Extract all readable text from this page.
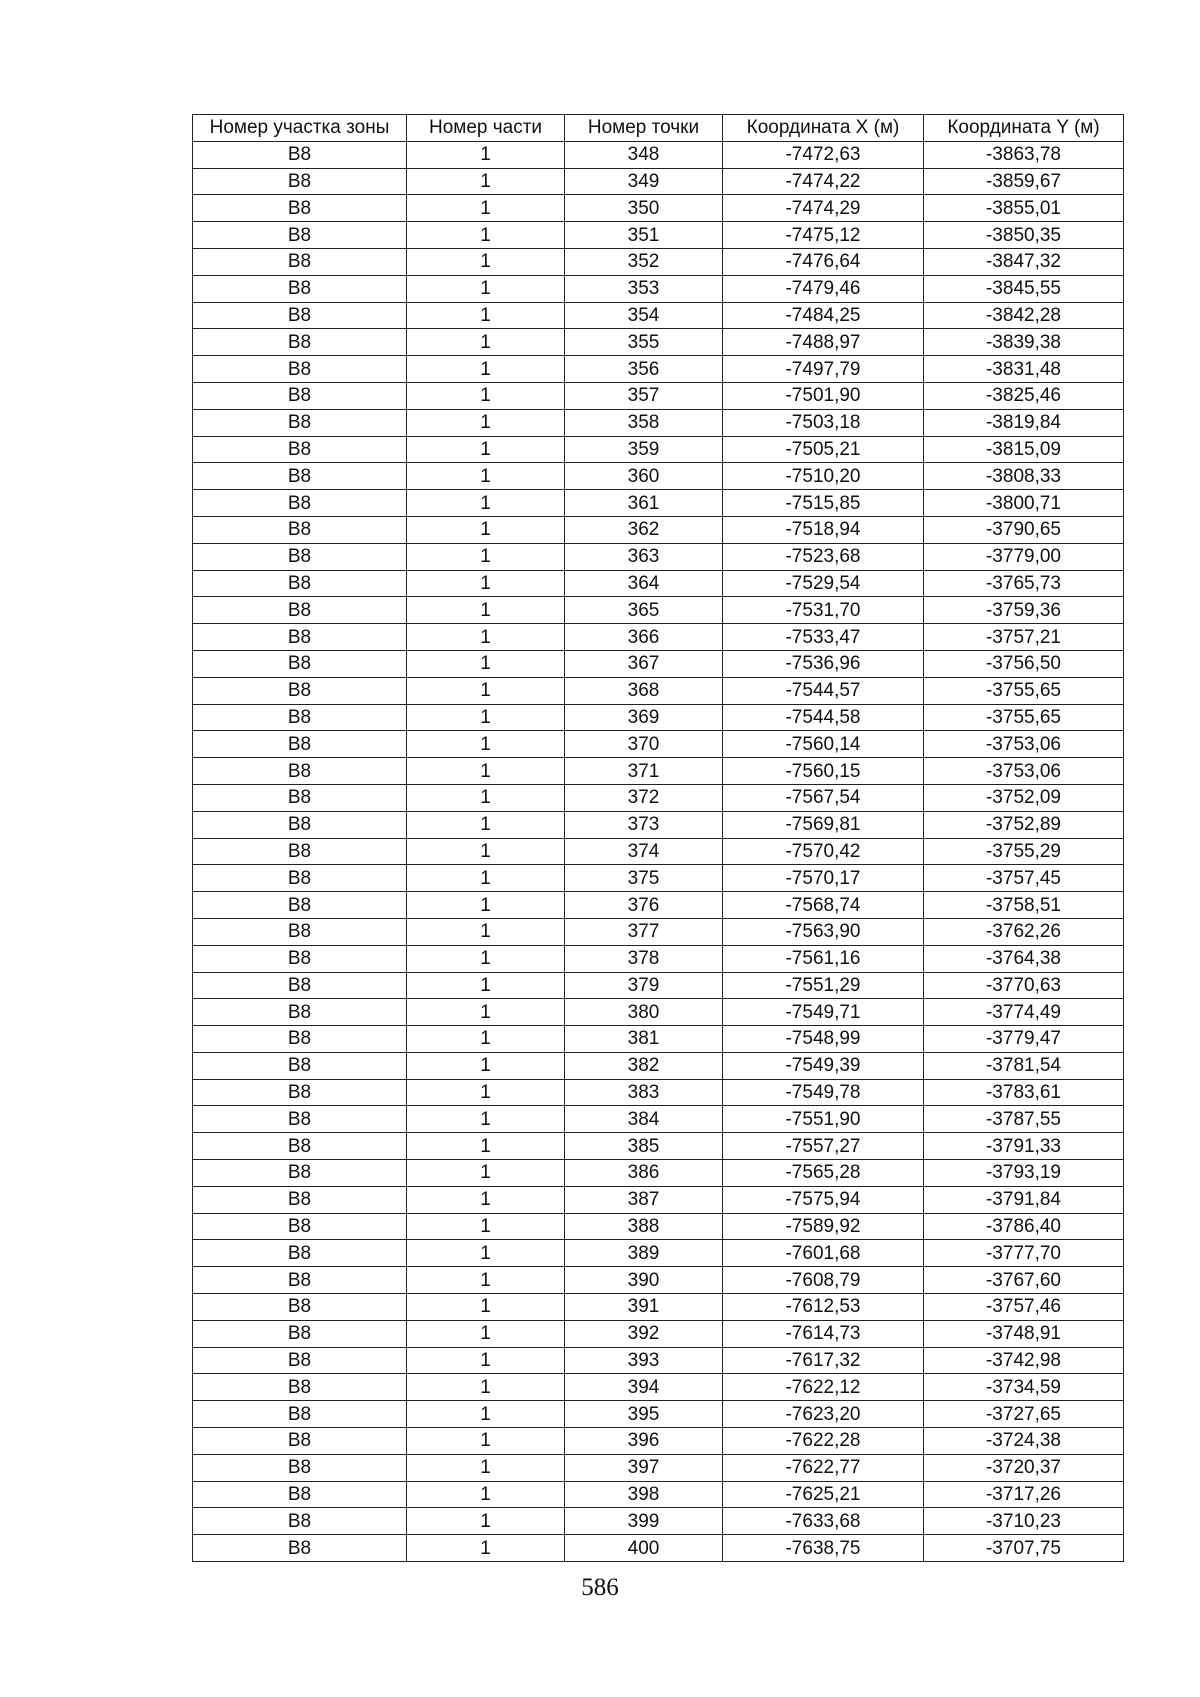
Номер участка зоны	Номер части	Номер точки	Координата X (м)	Координата Y (м)
В8	1	348	-7472,63	-3863,78
В8	1	349	-7474,22	-3859,67
В8	1	350	-7474,29	-3855,01
В8	1	351	-7475,12	-3850,35
В8	1	352	-7476,64	-3847,32
В8	1	353	-7479,46	-3845,55
В8	1	354	-7484,25	-3842,28
В8	1	355	-7488,97	-3839,38
В8	1	356	-7497,79	-3831,48
В8	1	357	-7501,90	-3825,46
В8	1	358	-7503,18	-3819,84
В8	1	359	-7505,21	-3815,09
В8	1	360	-7510,20	-3808,33
В8	1	361	-7515,85	-3800,71
В8	1	362	-7518,94	-3790,65
В8	1	363	-7523,68	-3779,00
В8	1	364	-7529,54	-3765,73
В8	1	365	-7531,70	-3759,36
В8	1	366	-7533,47	-3757,21
В8	1	367	-7536,96	-3756,50
В8	1	368	-7544,57	-3755,65
В8	1	369	-7544,58	-3755,65
В8	1	370	-7560,14	-3753,06
В8	1	371	-7560,15	-3753,06
В8	1	372	-7567,54	-3752,09
В8	1	373	-7569,81	-3752,89
В8	1	374	-7570,42	-3755,29
В8	1	375	-7570,17	-3757,45
В8	1	376	-7568,74	-3758,51
В8	1	377	-7563,90	-3762,26
В8	1	378	-7561,16	-3764,38
В8	1	379	-7551,29	-3770,63
В8	1	380	-7549,71	-3774,49
В8	1	381	-7548,99	-3779,47
В8	1	382	-7549,39	-3781,54
В8	1	383	-7549,78	-3783,61
В8	1	384	-7551,90	-3787,55
В8	1	385	-7557,27	-3791,33
В8	1	386	-7565,28	-3793,19
В8	1	387	-7575,94	-3791,84
В8	1	388	-7589,92	-3786,40
В8	1	389	-7601,68	-3777,70
В8	1	390	-7608,79	-3767,60
В8	1	391	-7612,53	-3757,46
В8	1	392	-7614,73	-3748,91
В8	1	393	-7617,32	-3742,98
В8	1	394	-7622,12	-3734,59
В8	1	395	-7623,20	-3727,65
В8	1	396	-7622,28	-3724,38
В8	1	397	-7622,77	-3720,37
В8	1	398	-7625,21	-3717,26
В8	1	399	-7633,68	-3710,23
В8	1	400	-7638,75	-3707,75
586
